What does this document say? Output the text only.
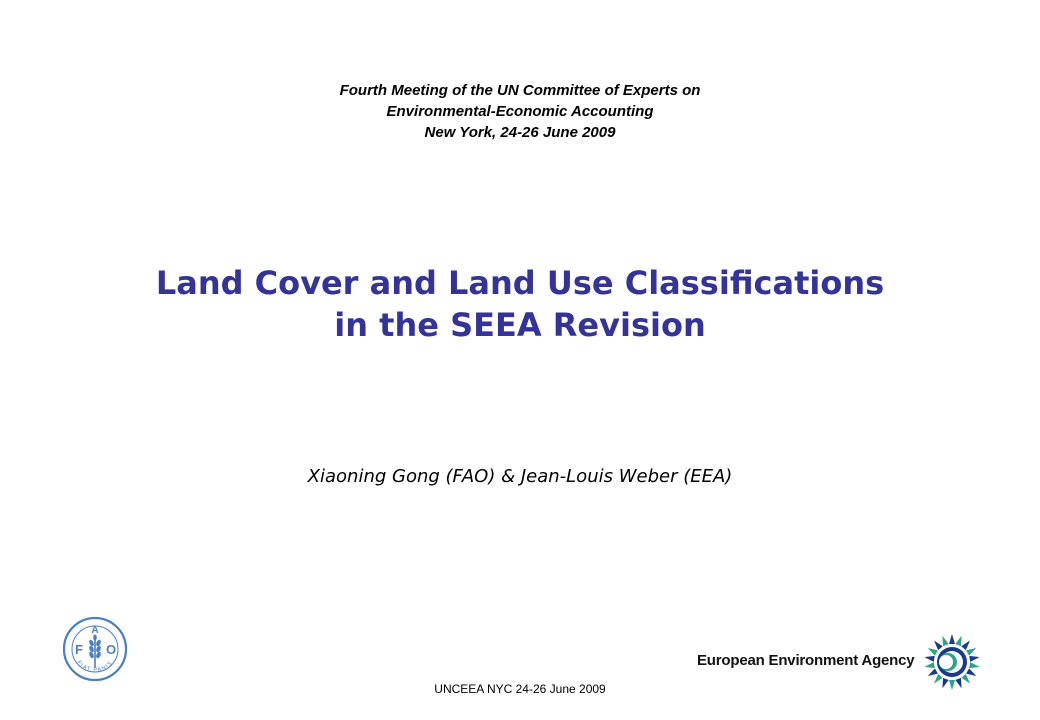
Fourth Meeting of the UN Committee of Experts on
Environmental-Economic Accounting
New York, 24-26 June 2009
Land Cover and Land Use Classifications
in the SEEA Revision
Xiaoning Gong (FAO) & Jean-Louis Weber (EEA)
F
A
O
FIAT PANIS	European Environment Agency
UNCEEA NYC 24-26 June 2009
